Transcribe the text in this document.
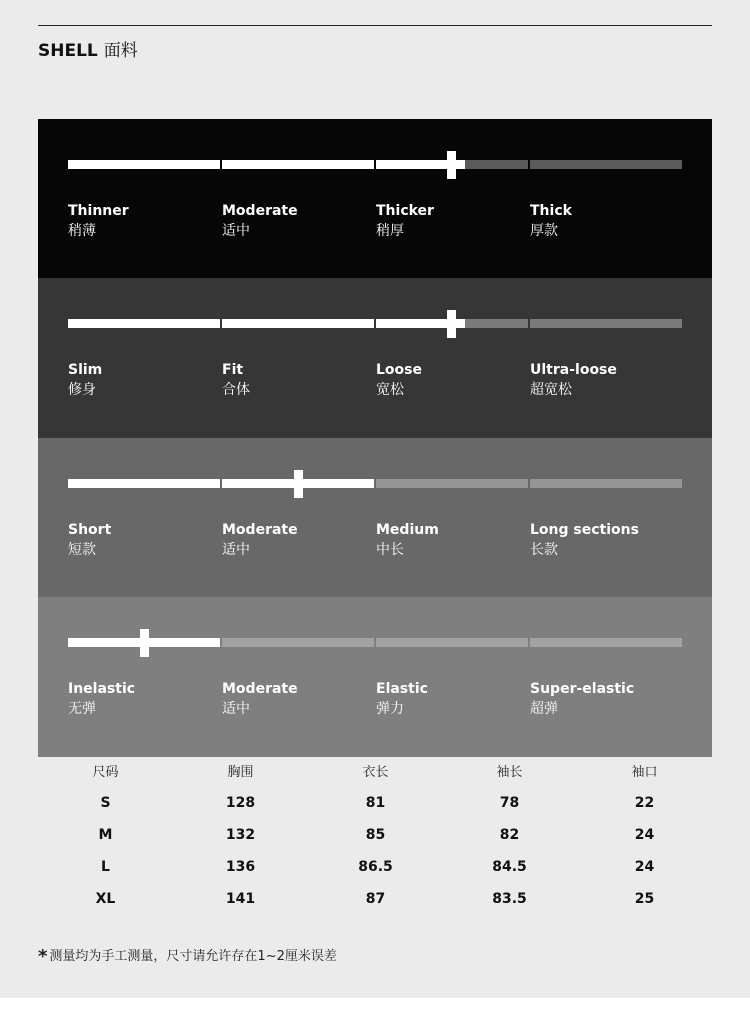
SHELL 面料
Thinner
稍薄
Moderate
适中
Thicker
稍厚
Thick
厚款
Slim
修身
Fit
合体
Loose
宽松
Ultra-loose
超宽松
Short
短款
Moderate
适中
Medium
中长
Long sections
长款
Inelastic
无弹
Moderate
适中
Elastic
弹力
Super-elastic
超弹
尺码	胸围	衣长	袖长	袖口
S	128	81	78	22
M	132	85	82	24
L	136	86.5	84.5	24
XL	141	87	83.5	25
* 测量均为手工测量，尺寸请允许存在1~2厘米误差
